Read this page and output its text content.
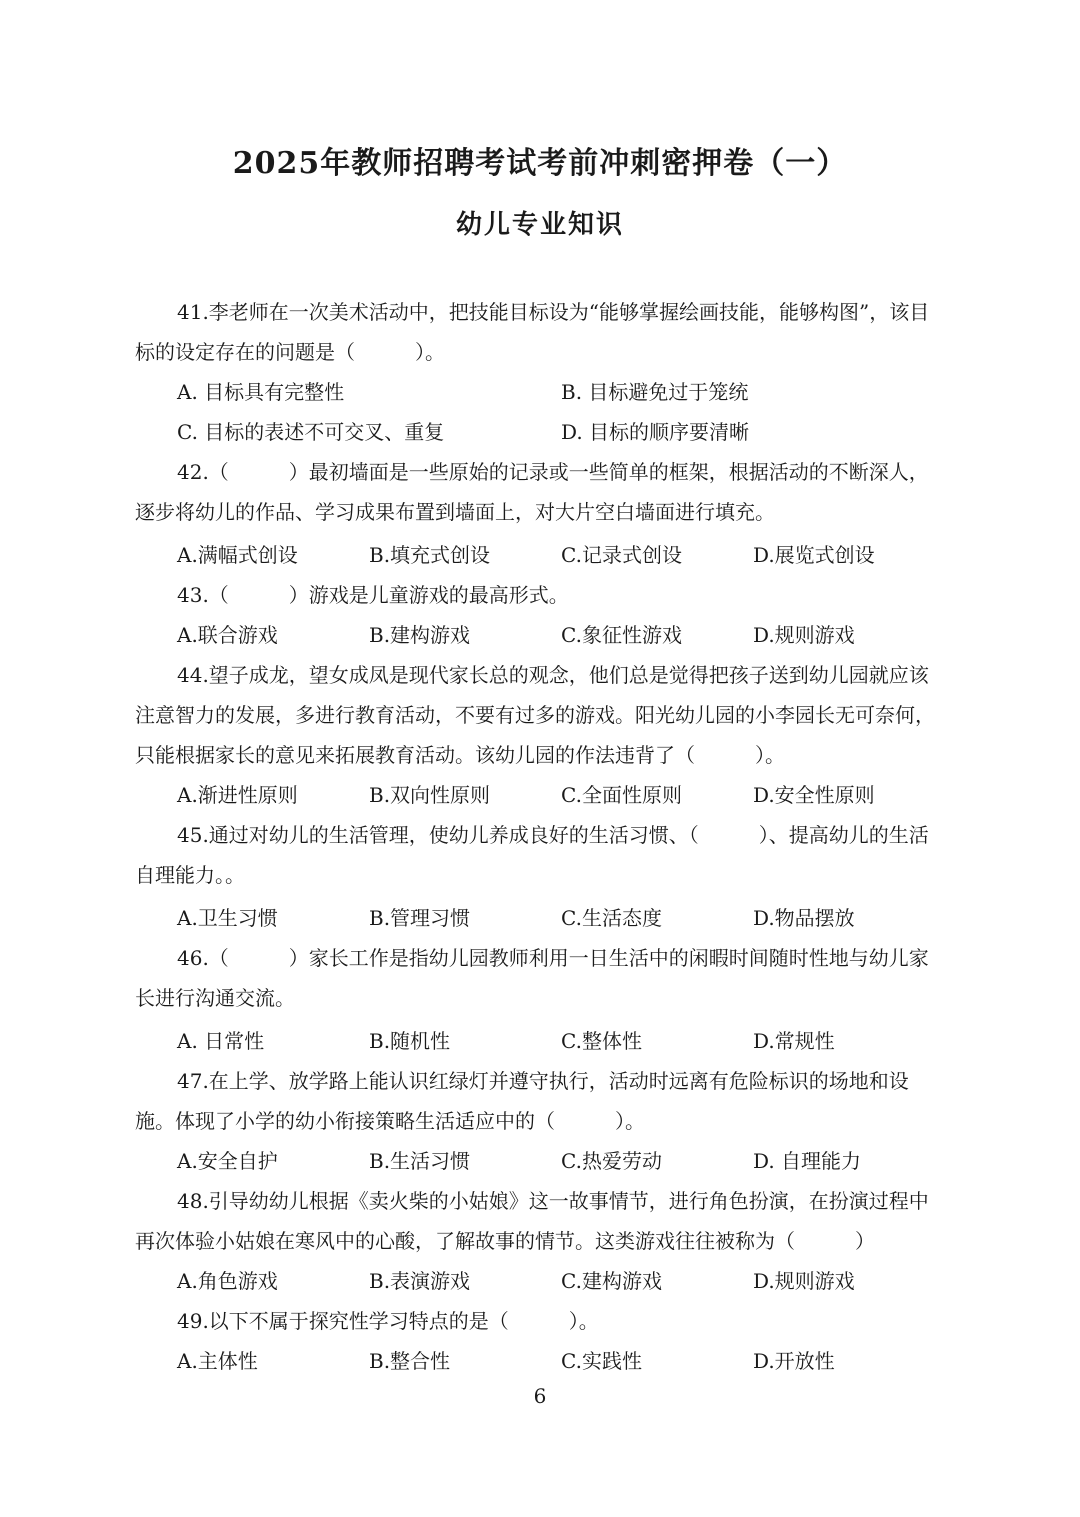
2025年教师招聘考试考前冲刺密押卷（一）
幼儿专业知识

41.李老师在一次美术活动中，把技能目标设为“能够掌握绘画技能，能够构图”，该目标的设定存在的问题是（　　　）。

A. 目标具有完整性	B. 目标避免过于笼统
C. 目标的表述不可交叉、重复	D. 目标的顺序要清晰

42.（　　　）最初墙面是一些原始的记录或一些简单的框架，根据活动的不断深人，逐步将幼儿的作品、学习成果布置到墙面上，对大片空白墙面进行填充。

A.满幅式创设	B.填充式创设	C.记录式创设	D.展览式创设

43.（　　　）游戏是儿童游戏的最高形式。

A.联合游戏	B.建构游戏	C.象征性游戏	D.规则游戏

44.望子成龙，望女成凤是现代家长总的观念，他们总是觉得把孩子送到幼儿园就应该注意智力的发展，多进行教育活动，不要有过多的游戏。阳光幼儿园的小李园长无可奈何，只能根据家长的意见来拓展教育活动。该幼儿园的作法违背了（　　　）。

A.渐进性原则	B.双向性原则	C.全面性原则	D.安全性原则

45.通过对幼儿的生活管理，使幼儿养成良好的生活习惯、（　　　）、提高幼儿的生活自理能力。。

A.卫生习惯	B.管理习惯	C.生活态度	D.物品摆放

46.（　　　）家长工作是指幼儿园教师利用一日生活中的闲暇时间随时性地与幼儿家长进行沟通交流。

A. 日常性	B.随机性	C.整体性	D.常规性

47.在上学、放学路上能认识红绿灯并遵守执行，活动时远离有危险标识的场地和设施。体现了小学的幼小衔接策略生活适应中的（　　　）。

A.安全自护	B.生活习惯	C.热爱劳动	D. 自理能力

48.引导幼幼儿根据《卖火柴的小姑娘》这一故事情节，进行角色扮演，在扮演过程中再次体验小姑娘在寒风中的心酸，了解故事的情节。这类游戏往往被称为（　　　）

A.角色游戏	B.表演游戏	C.建构游戏	D.规则游戏

49.以下不属于探究性学习特点的是（　　　）。

A.主体性	B.整合性	C.实践性	D.开放性
6
